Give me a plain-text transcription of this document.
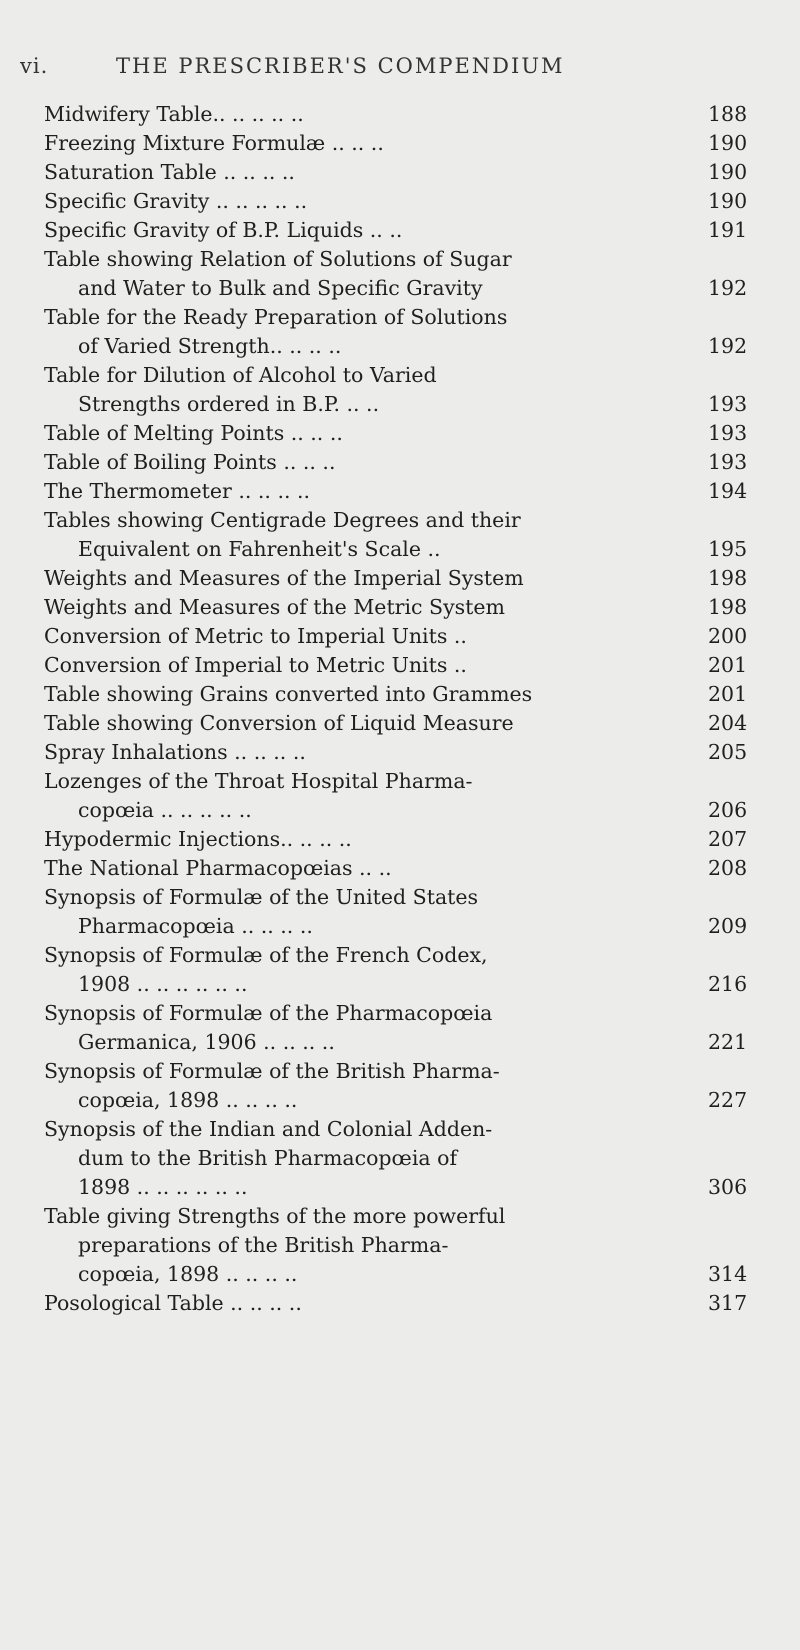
vi.	THE PRESCRIBER'S COMPENDIUM
Midwifery Table.. .. .. .. ..	188
Freezing Mixture Formulæ .. .. ..	190
Saturation Table .. .. .. ..	190
Specific Gravity .. .. .. .. ..	190
Specific Gravity of B.P. Liquids .. ..	191
Table showing Relation of Solutions of Sugar
and Water to Bulk and Specific Gravity	192
Table for the Ready Preparation of Solutions
of Varied Strength.. .. .. ..	192
Table for Dilution of Alcohol to Varied
Strengths ordered in B.P. .. ..	193
Table of Melting Points .. .. ..	193
Table of Boiling Points .. .. ..	193
The Thermometer .. .. .. ..	194
Tables showing Centigrade Degrees and their
Equivalent on Fahrenheit's Scale ..	195
Weights and Measures of the Imperial System	198
Weights and Measures of the Metric System	198
Conversion of Metric to Imperial Units ..	200
Conversion of Imperial to Metric Units ..	201
Table showing Grains converted into Grammes	201
Table showing Conversion of Liquid Measure	204
Spray Inhalations .. .. .. ..	205
Lozenges of the Throat Hospital Pharma-
copœia .. .. .. .. ..	206
Hypodermic Injections.. .. .. ..	207
The National Pharmacopœias .. ..	208
Synopsis of Formulæ of the United States
Pharmacopœia .. .. .. ..	209
Synopsis of Formulæ of the French Codex,
1908 .. .. .. .. .. ..	216
Synopsis of Formulæ of the Pharmacopœia
Germanica, 1906 .. .. .. ..	221
Synopsis of Formulæ of the British Pharma-
copœia, 1898 .. .. .. ..	227
Synopsis of the Indian and Colonial Adden-
dum to the British Pharmacopœia of
1898 .. .. .. .. .. ..	306
Table giving Strengths of the more powerful
preparations of the British Pharma-
copœia, 1898 .. .. .. ..	314
Posological Table .. .. .. ..	317
